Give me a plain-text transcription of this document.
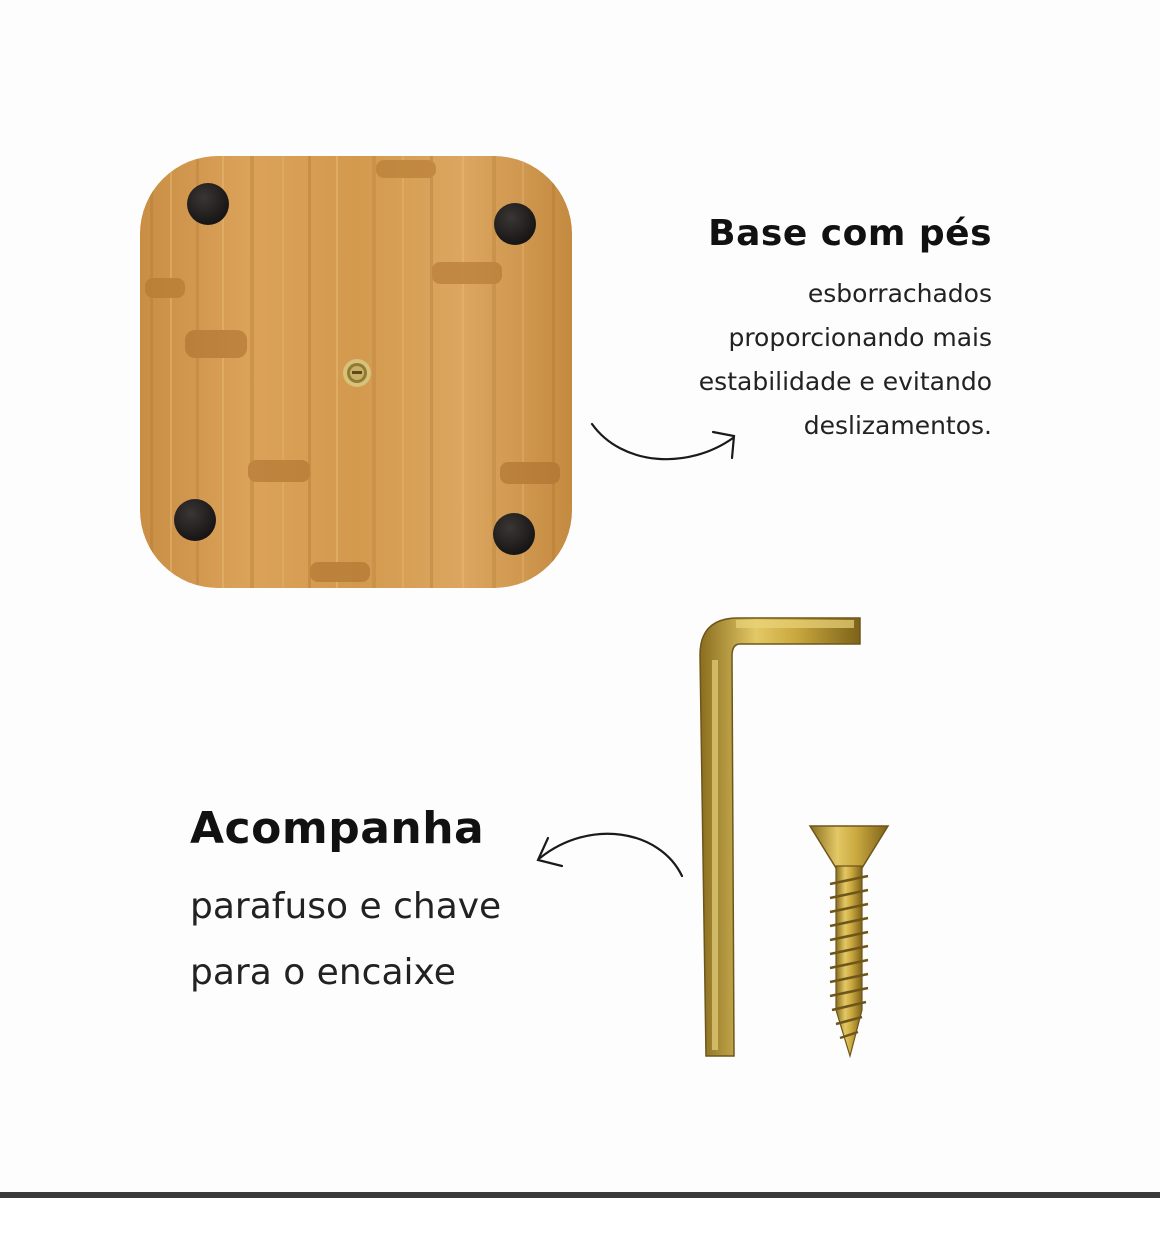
Base com pés

esborrachados
proporcionando mais
estabilidade e evitando
deslizamentos.

Acompanha

parafuso e chave
para o encaixe
